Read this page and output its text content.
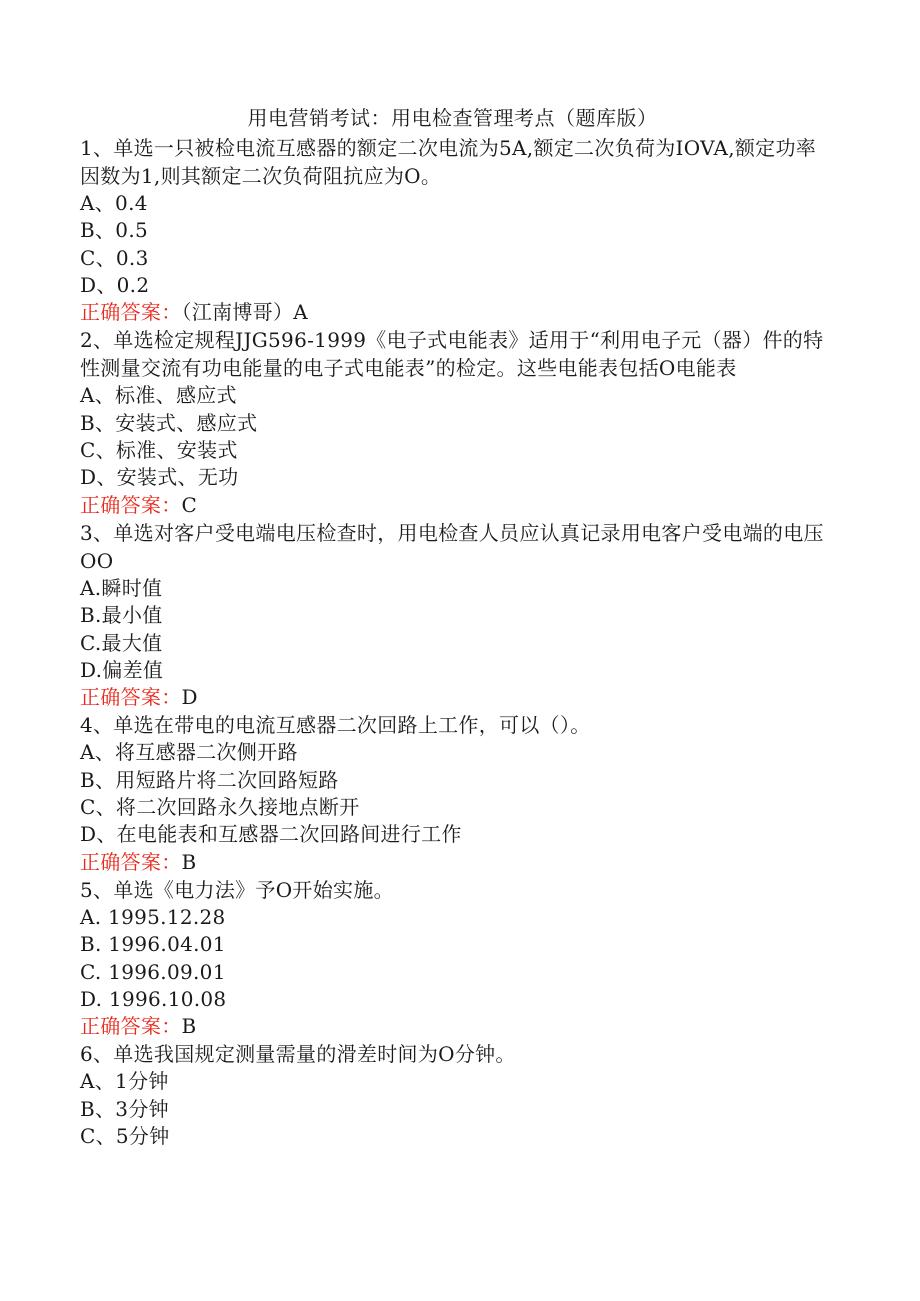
用电营销考试：用电检查管理考点（题库版）
1、单选一只被检电流互感器的额定二次电流为5A,额定二次负荷为IOVA,额定功率因数为1,则其额定二次负荷阻抗应为O。
A、0.4
B、0.5
C、0.3
D、0.2
正确答案：（江南博哥）A
2、单选检定规程JJG596-1999《电子式电能表》适用于“利用电子元（器）件的特性测量交流有功电能量的电子式电能表”的检定。这些电能表包括O电能表
A、标准、感应式
B、安装式、感应式
C、标准、安装式
D、安装式、无功
正确答案：C
3、单选对客户受电端电压检查时，用电检查人员应认真记录用电客户受电端的电压OO
A.瞬时值
B.最小值
C.最大值
D.偏差值
正确答案：D
4、单选在带电的电流互感器二次回路上工作，可以（）。
A、将互感器二次侧开路
B、用短路片将二次回路短路
C、将二次回路永久接地点断开
D、在电能表和互感器二次回路间进行工作
正确答案：B
5、单选《电力法》予O开始实施。
A. 1995.12.28
B. 1996.04.01
C. 1996.09.01
D. 1996.10.08
正确答案：B
6、单选我国规定测量需量的滑差时间为O分钟。
A、1分钟
B、3分钟
C、5分钟
